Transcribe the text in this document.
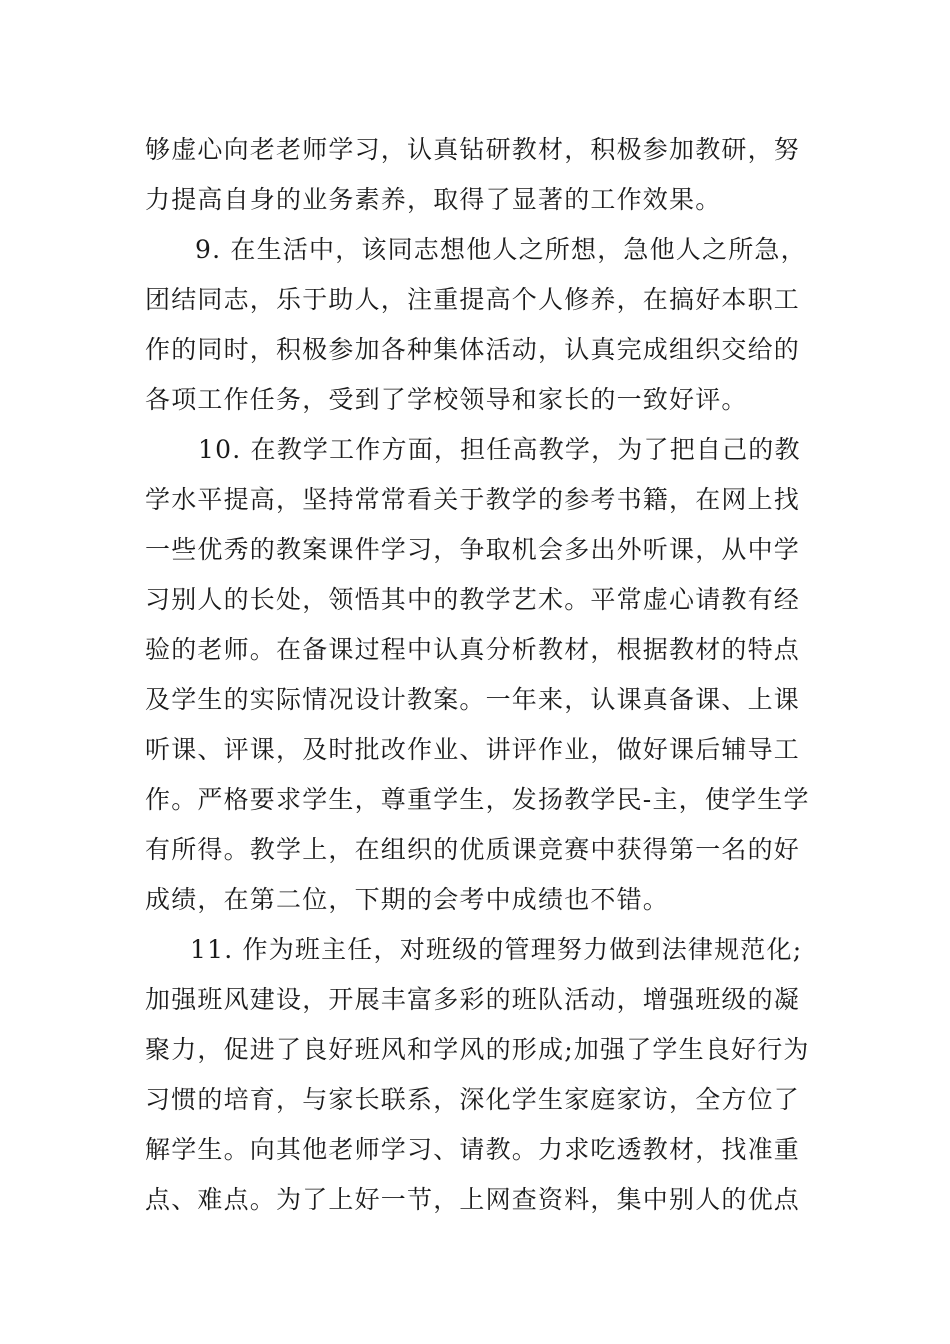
够虚心向老老师学习，认真钻研教材，积极参加教研，努

力提高自身的业务素养，取得了显著的工作效果。

9. 在生活中，该同志想他人之所想，急他人之所急，

团结同志，乐于助人，注重提高个人修养，在搞好本职工

作的同时，积极参加各种集体活动，认真完成组织交给的

各项工作任务，受到了学校领导和家长的一致好评。

10. 在教学工作方面，担任高教学，为了把自己的教

学水平提高，坚持常常看关于教学的参考书籍，在网上找

一些优秀的教案课件学习，争取机会多出外听课，从中学

习别人的长处，领悟其中的教学艺术。平常虚心请教有经

验的老师。在备课过程中认真分析教材，根据教材的特点

及学生的实际情况设计教案。一年来，认课真备课、上课

听课、评课，及时批改作业、讲评作业，做好课后辅导工

作。严格要求学生，尊重学生，发扬教学民-主，使学生学

有所得。教学上，在组织的优质课竞赛中获得第一名的好

成绩，在第二位，下期的会考中成绩也不错。

11. 作为班主任，对班级的管理努力做到法律规范化;

加强班风建设，开展丰富多彩的班队活动，增强班级的凝

聚力，促进了良好班风和学风的形成;加强了学生良好行为

习惯的培育，与家长联系，深化学生家庭家访，全方位了

解学生。向其他老师学习、请教。力求吃透教材，找准重

点、难点。为了上好一节，上网查资料，集中别人的优点
